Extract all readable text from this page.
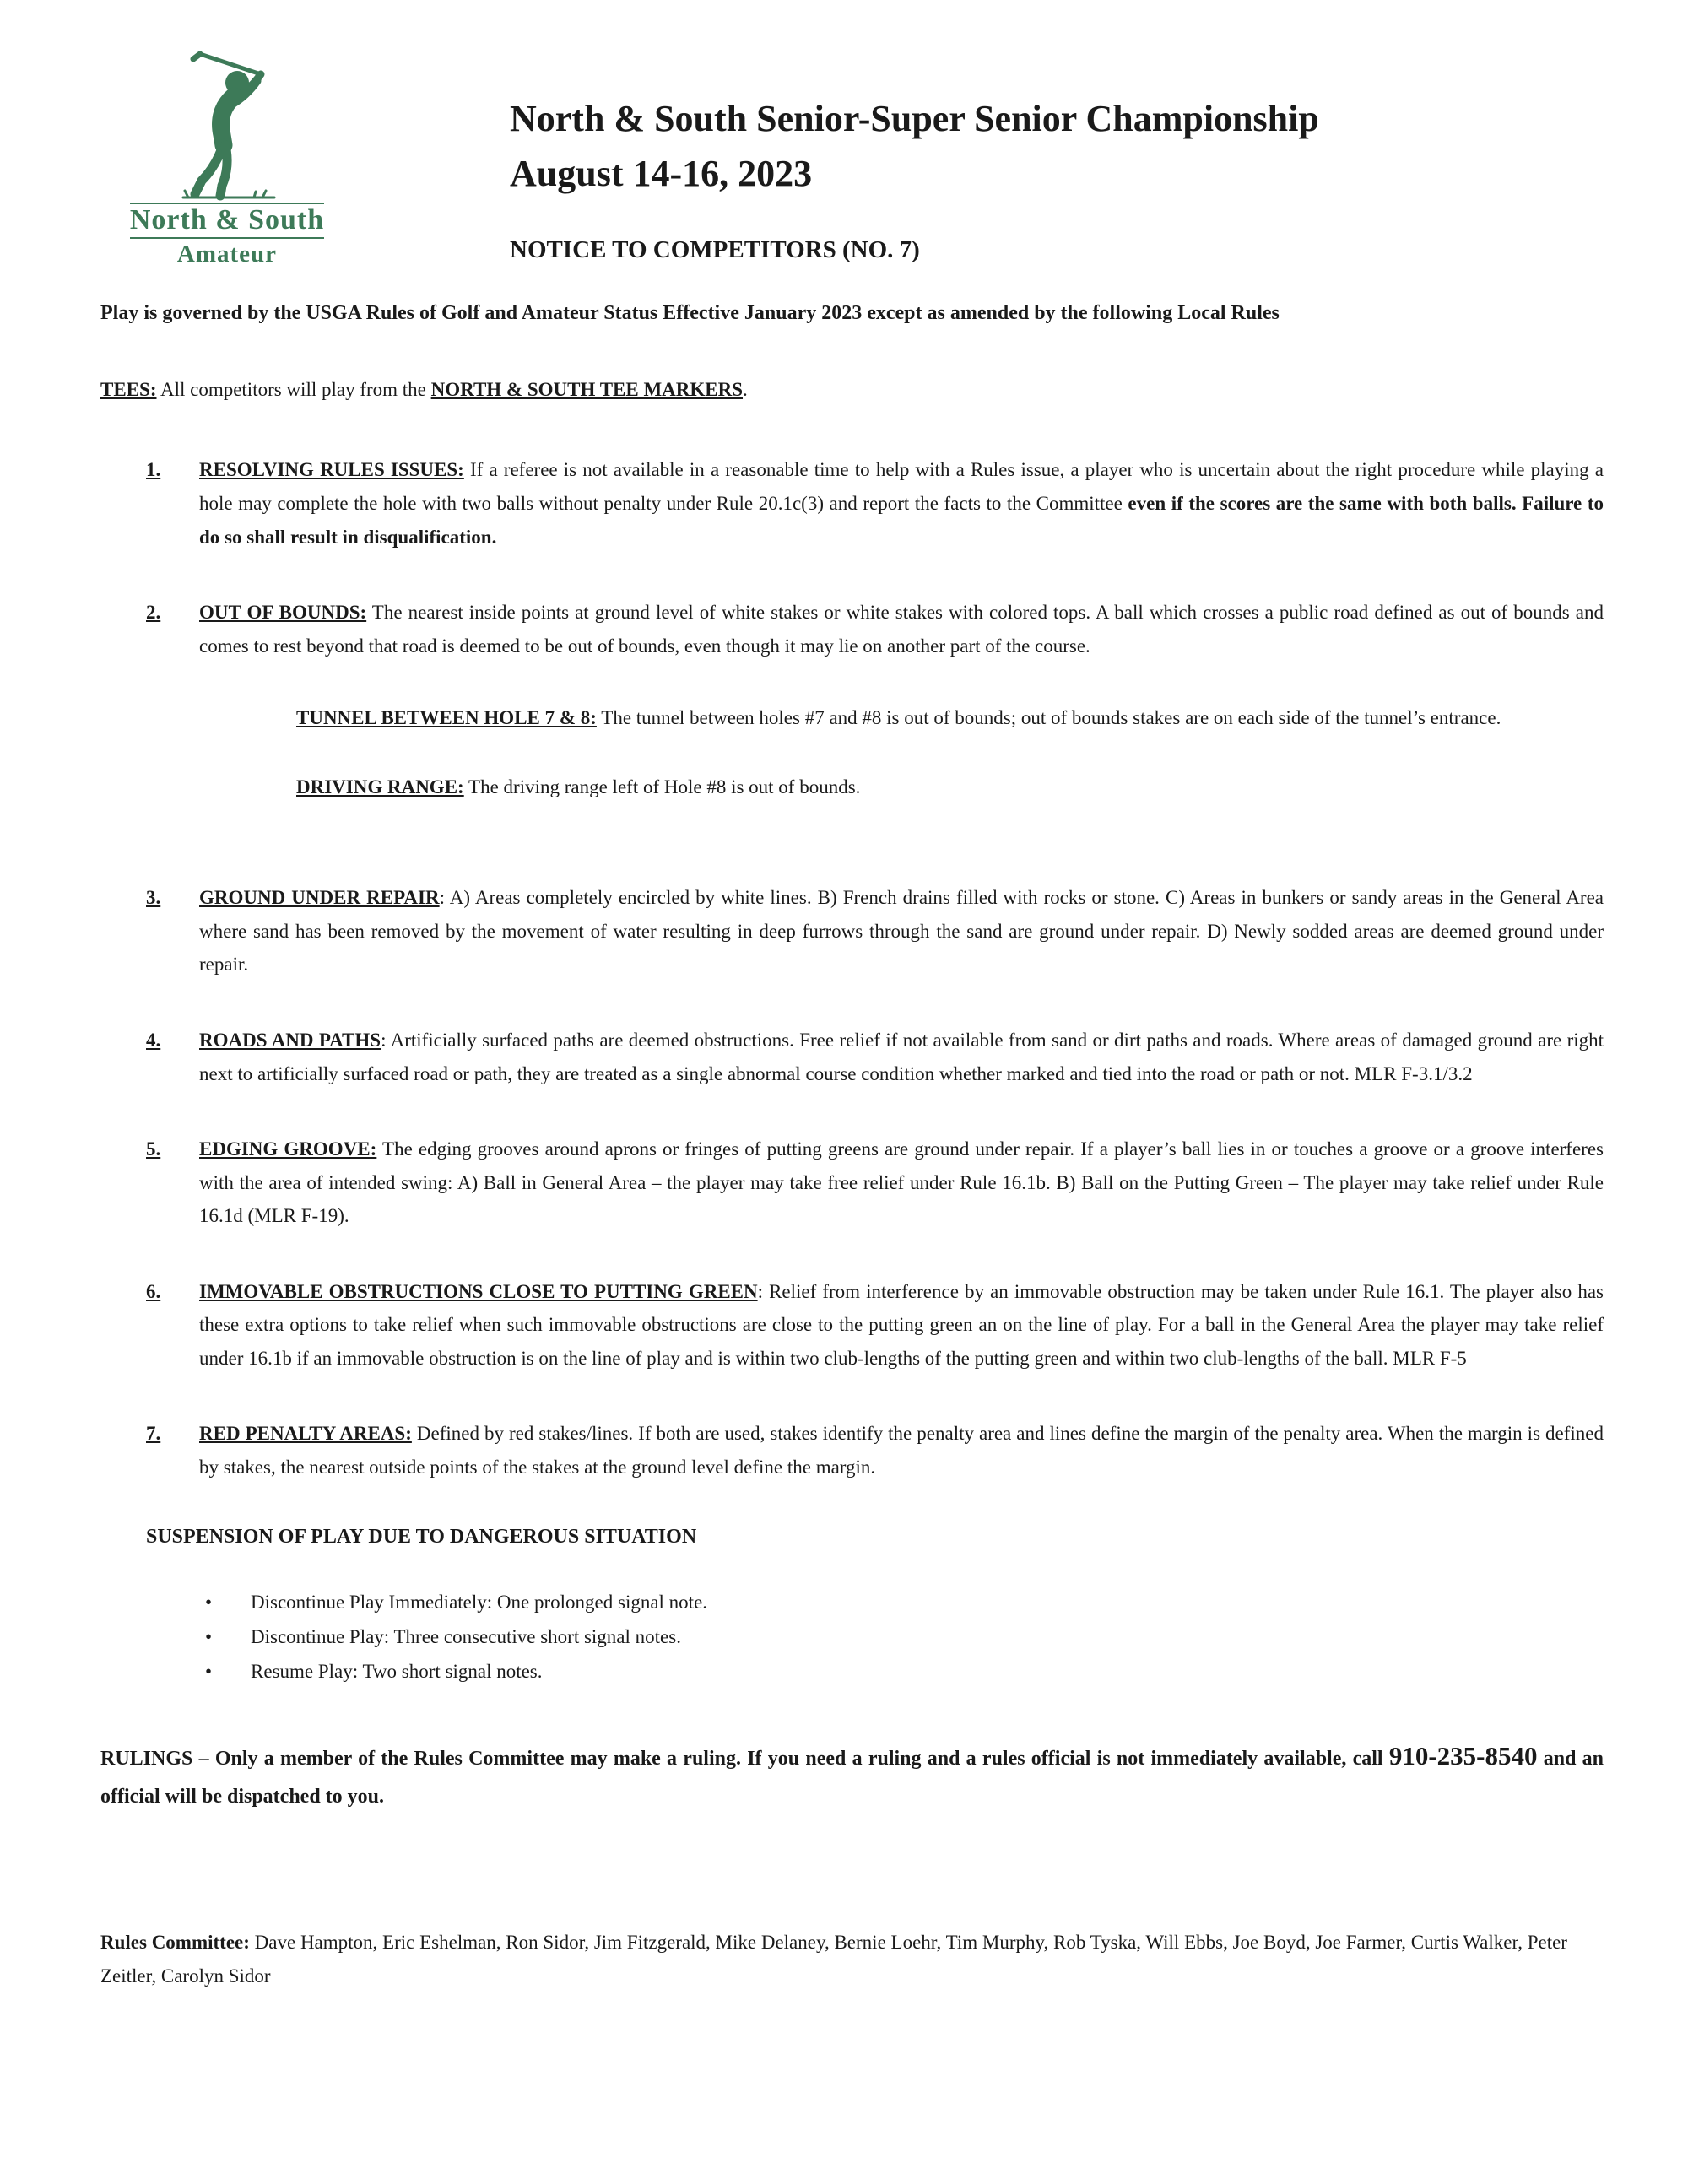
North & South
Amateur
North & South Senior-Super Senior Championship
August 14-16, 2023
NOTICE TO COMPETITORS (NO. 7)
Play is governed by the USGA Rules of Golf and Amateur Status Effective January 2023 except as amended by the following Local Rules
TEES: All competitors will play from the NORTH & SOUTH TEE MARKERS.
1.	RESOLVING RULES ISSUES: If a referee is not available in a reasonable time to help with a Rules issue, a player who is uncertain about the right procedure while playing a hole may complete the hole with two balls without penalty under Rule 20.1c(3) and report the facts to the Committee even if the scores are the same with both balls. Failure to do so shall result in disqualification.
2.	OUT OF BOUNDS: The nearest inside points at ground level of white stakes or white stakes with colored tops. A ball which crosses a public road defined as out of bounds and comes to rest beyond that road is deemed to be out of bounds, even though it may lie on another part of the course.
TUNNEL BETWEEN HOLE 7 & 8: The tunnel between holes #7 and #8 is out of bounds; out of bounds stakes are on each side of the tunnel’s entrance.
DRIVING RANGE: The driving range left of Hole #8 is out of bounds.
3.	GROUND UNDER REPAIR: A) Areas completely encircled by white lines. B) French drains filled with rocks or stone. C) Areas in bunkers or sandy areas in the General Area where sand has been removed by the movement of water resulting in deep furrows through the sand are ground under repair. D) Newly sodded areas are deemed ground under repair.
4.	ROADS AND PATHS: Artificially surfaced paths are deemed obstructions. Free relief if not available from sand or dirt paths and roads. Where areas of damaged ground are right next to artificially surfaced road or path, they are treated as a single abnormal course condition whether marked and tied into the road or path or not. MLR F-3.1/3.2
5.	EDGING GROOVE: The edging grooves around aprons or fringes of putting greens are ground under repair. If a player’s ball lies in or touches a groove or a groove interferes with the area of intended swing: A) Ball in General Area – the player may take free relief under Rule 16.1b. B) Ball on the Putting Green – The player may take relief under Rule 16.1d (MLR F-19).
6.	IMMOVABLE OBSTRUCTIONS CLOSE TO PUTTING GREEN: Relief from interference by an immovable obstruction may be taken under Rule 16.1. The player also has these extra options to take relief when such immovable obstructions are close to the putting green an on the line of play. For a ball in the General Area the player may take relief under 16.1b if an immovable obstruction is on the line of play and is within two club-lengths of the putting green and within two club-lengths of the ball. MLR F-5
7.	RED PENALTY AREAS: Defined by red stakes/lines. If both are used, stakes identify the penalty area and lines define the margin of the penalty area. When the margin is defined by stakes, the nearest outside points of the stakes at the ground level define the margin.
SUSPENSION OF PLAY DUE TO DANGEROUS SITUATION
•	Discontinue Play Immediately: One prolonged signal note.
•	Discontinue Play: Three consecutive short signal notes.
•	Resume Play: Two short signal notes.
RULINGS – Only a member of the Rules Committee may make a ruling. If you need a ruling and a rules official is not immediately available, call 910-235-8540 and an official will be dispatched to you.
Rules Committee: Dave Hampton, Eric Eshelman, Ron Sidor, Jim Fitzgerald, Mike Delaney, Bernie Loehr, Tim Murphy, Rob Tyska, Will Ebbs, Joe Boyd, Joe Farmer, Curtis Walker, Peter Zeitler, Carolyn Sidor
